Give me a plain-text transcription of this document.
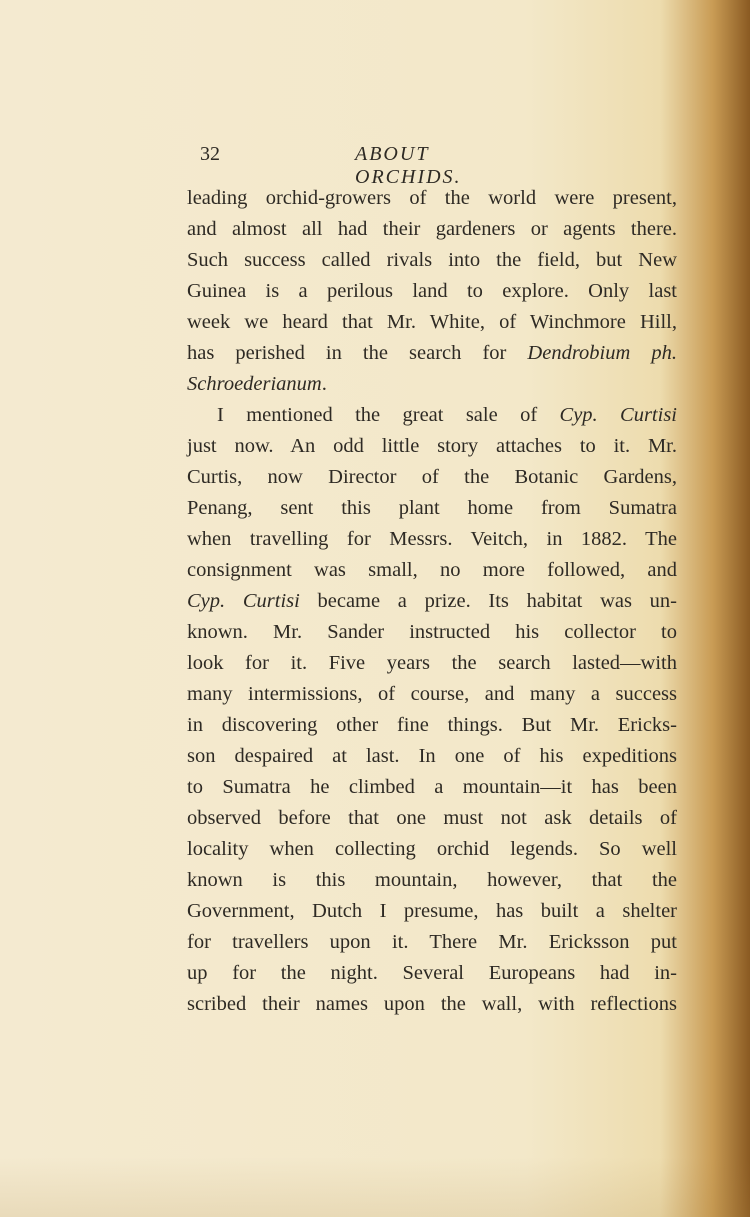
32	ABOUT ORCHIDS.
leading orchid-growers of the world were present,
and almost all had their gardeners or agents there.
Such success called rivals into the field, but New
Guinea is a perilous land to explore. Only last
week we heard that Mr. White, of Winchmore Hill,
has perished in the search for Dendrobium ph.
Schroederianum.
I mentioned the great sale of Cyp. Curtisi
just now. An odd little story attaches to it. Mr.
Curtis, now Director of the Botanic Gardens,
Penang, sent this plant home from Sumatra
when travelling for Messrs. Veitch, in 1882. The
consignment was small, no more followed, and
Cyp. Curtisi became a prize. Its habitat was un-
known. Mr. Sander instructed his collector to
look for it. Five years the search lasted—with
many intermissions, of course, and many a success
in discovering other fine things. But Mr. Ericks-
son despaired at last. In one of his expeditions
to Sumatra he climbed a mountain—it has been
observed before that one must not ask details of
locality when collecting orchid legends. So well
known is this mountain, however, that the
Government, Dutch I presume, has built a shelter
for travellers upon it. There Mr. Ericksson put
up for the night. Several Europeans had in-
scribed their names upon the wall, with reflections
